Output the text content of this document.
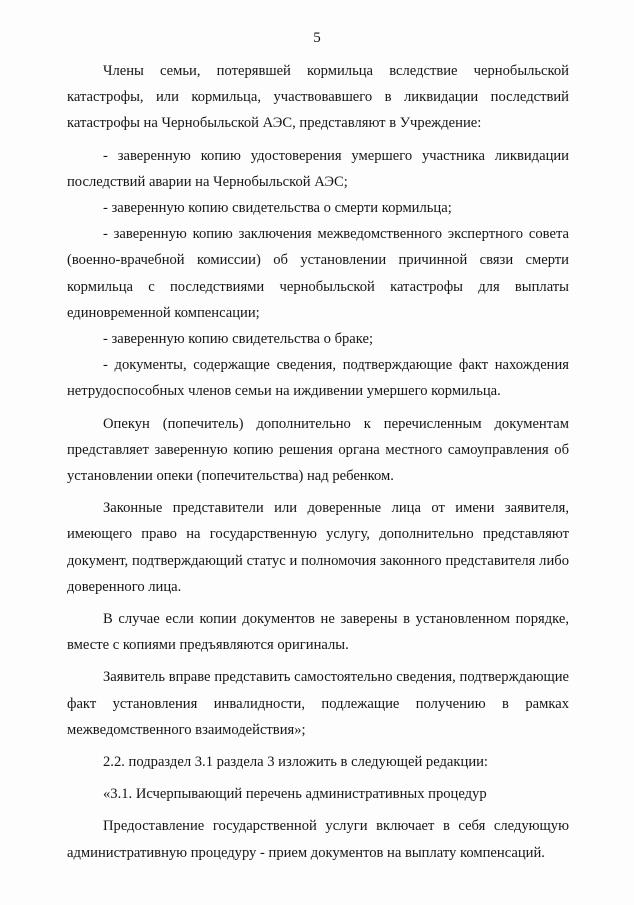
5

Члены семьи, потерявшей кормильца вследствие чернобыльской катастрофы, или кормильца, участвовавшего в ликвидации последствий катастрофы на Чернобыльской АЭС, представляют в Учреждение:

- заверенную копию удостоверения умершего участника ликвидации последствий аварии на Чернобыльской АЭС;

- заверенную копию свидетельства о смерти кормильца;

- заверенную копию заключения межведомственного экспертного совета (военно-врачебной комиссии) об установлении причинной связи смерти кормильца с последствиями чернобыльской катастрофы для выплаты единовременной компенсации;

- заверенную копию свидетельства о браке;

- документы, содержащие сведения, подтверждающие факт нахождения нетрудоспособных членов семьи на иждивении умершего кормильца.

Опекун (попечитель) дополнительно к перечисленным документам представляет заверенную копию решения органа местного самоуправления об установлении опеки (попечительства) над ребенком.

Законные представители или доверенные лица от имени заявителя, имеющего право на государственную услугу, дополнительно представляют документ, подтверждающий статус и полномочия законного представителя либо доверенного лица.

В случае если копии документов не заверены в установленном порядке, вместе с копиями предъявляются оригиналы.

Заявитель вправе представить самостоятельно сведения, подтверждающие факт установления инвалидности, подлежащие получению в рамках межведомственного взаимодействия»;

2.2. подраздел 3.1 раздела 3 изложить в следующей редакции:

«3.1. Исчерпывающий перечень административных процедур

Предоставление государственной услуги включает в себя следующую административную процедуру - прием документов на выплату компенсаций.
